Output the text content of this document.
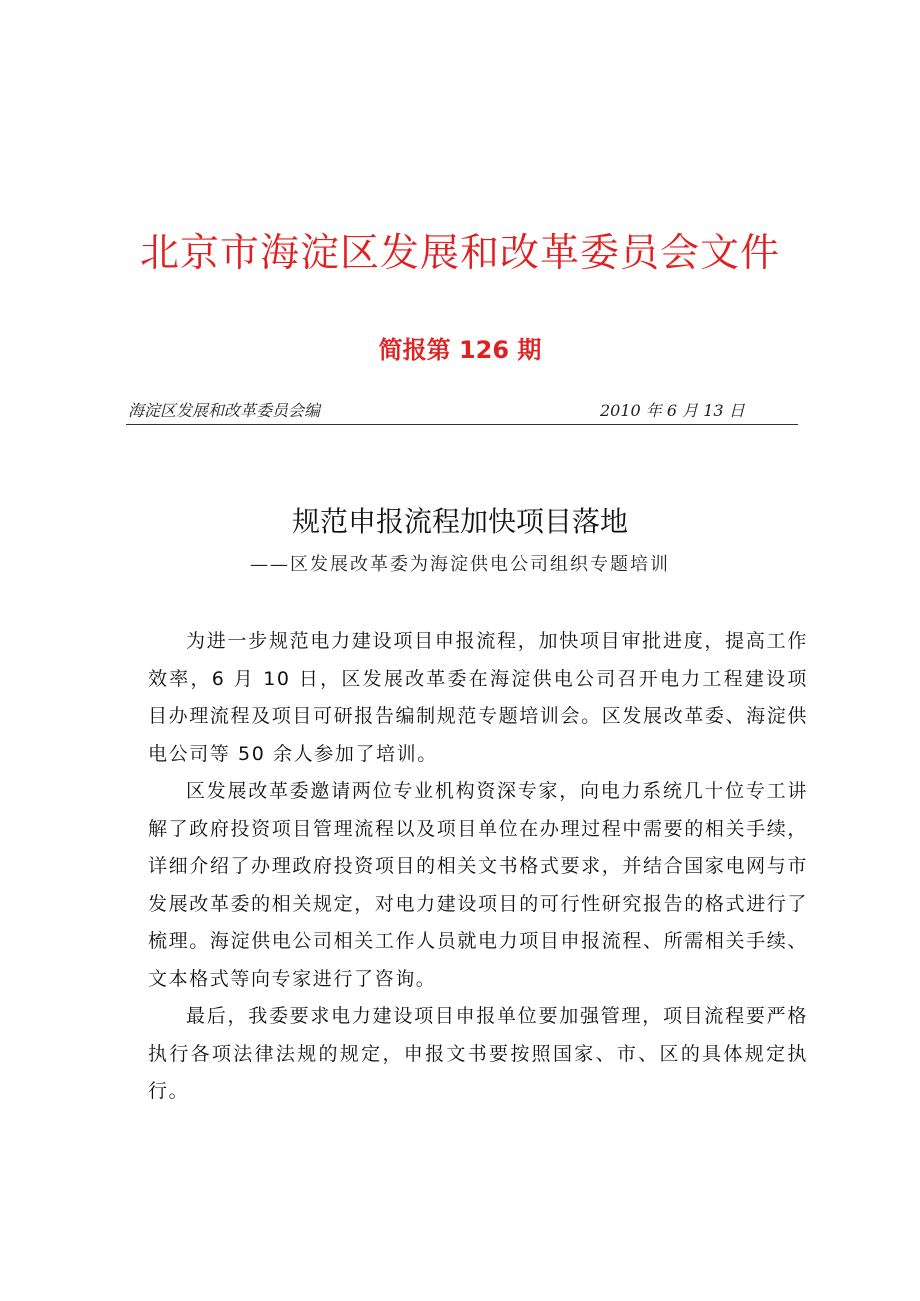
北京市海淀区发展和改革委员会文件
简报第 126 期
海淀区发展和改革委员会编	2010 年 6 月 13 日
规范申报流程加快项目落地
——区发展改革委为海淀供电公司组织专题培训

为进一步规范电力建设项目申报流程，加快项目审批进度，提高工作效率，6 月 10 日，区发展改革委在海淀供电公司召开电力工程建设项目办理流程及项目可研报告编制规范专题培训会。区发展改革委、海淀供电公司等 50 余人参加了培训。

区发展改革委邀请两位专业机构资深专家，向电力系统几十位专工讲解了政府投资项目管理流程以及项目单位在办理过程中需要的相关手续，详细介绍了办理政府投资项目的相关文书格式要求，并结合国家电网与市发展改革委的相关规定，对电力建设项目的可行性研究报告的格式进行了梳理。海淀供电公司相关工作人员就电力项目申报流程、所需相关手续、文本格式等向专家进行了咨询。

最后，我委要求电力建设项目申报单位要加强管理，项目流程要严格执行各项法律法规的规定，申报文书要按照国家、市、区的具体规定执行。
